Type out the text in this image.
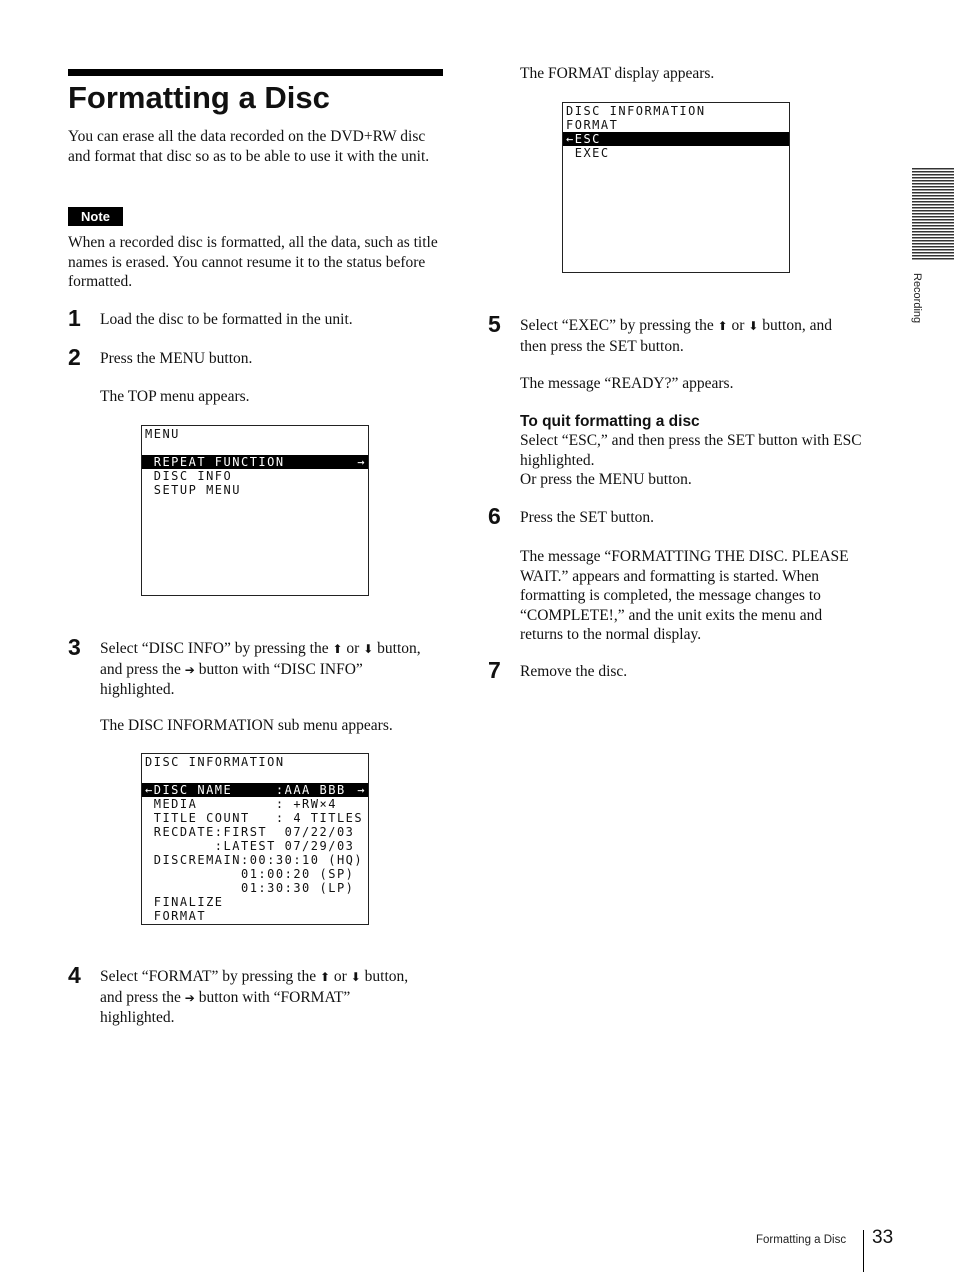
Formatting a Disc
You can erase all the data recorded on the DVD+RW disc and format that disc so as to be able to use it with the unit.
Note
When a recorded disc is formatted, all the data, such as title names is erased. You cannot resume it to the status before formatted.
1 Load the disc to be formatted in the unit.
2 Press the MENU button.
The TOP menu appears.
MENU
REPEAT FUNCTION	→
DISC INFO
SETUP MENU
3 Select “DISC INFO” by pressing the ⬆︎ or ⬇︎ button,
and press the ➔ button with “DISC INFO”
highlighted.
The DISC INFORMATION sub menu appears.
DISC INFORMATION
←DISC NAME     :AAA BBB →
MEDIA         : +RW×4
TITLE COUNT   : 4 TITLES
RECDATE:FIRST  07/22/03
:LATEST 07/29/03
DISCREMAIN:00:30:10 (HQ)
01:00:20 (SP)
01:30:30 (LP)
FINALIZE
FORMAT
4 Select “FORMAT” by pressing the ⬆︎ or ⬇︎ button,
and press the ➔ button with “FORMAT”
highlighted.
The FORMAT display appears.
DISC INFORMATION
FORMAT
←ESC
EXEC
5 Select “EXEC” by pressing the ⬆︎ or ⬇︎ button, and
then press the SET button.
The message “READY?” appears.
To quit formatting a disc
Select “ESC,” and then press the SET button with ESC highlighted.
Or press the MENU button.
6 Press the SET button.
The message “FORMATTING THE DISC. PLEASE WAIT.” appears and formatting is started. When formatting is completed, the message changes to “COMPLETE!,” and the unit exits the menu and returns to the normal display.
7 Remove the disc.
Recording
Formatting a Disc 33
